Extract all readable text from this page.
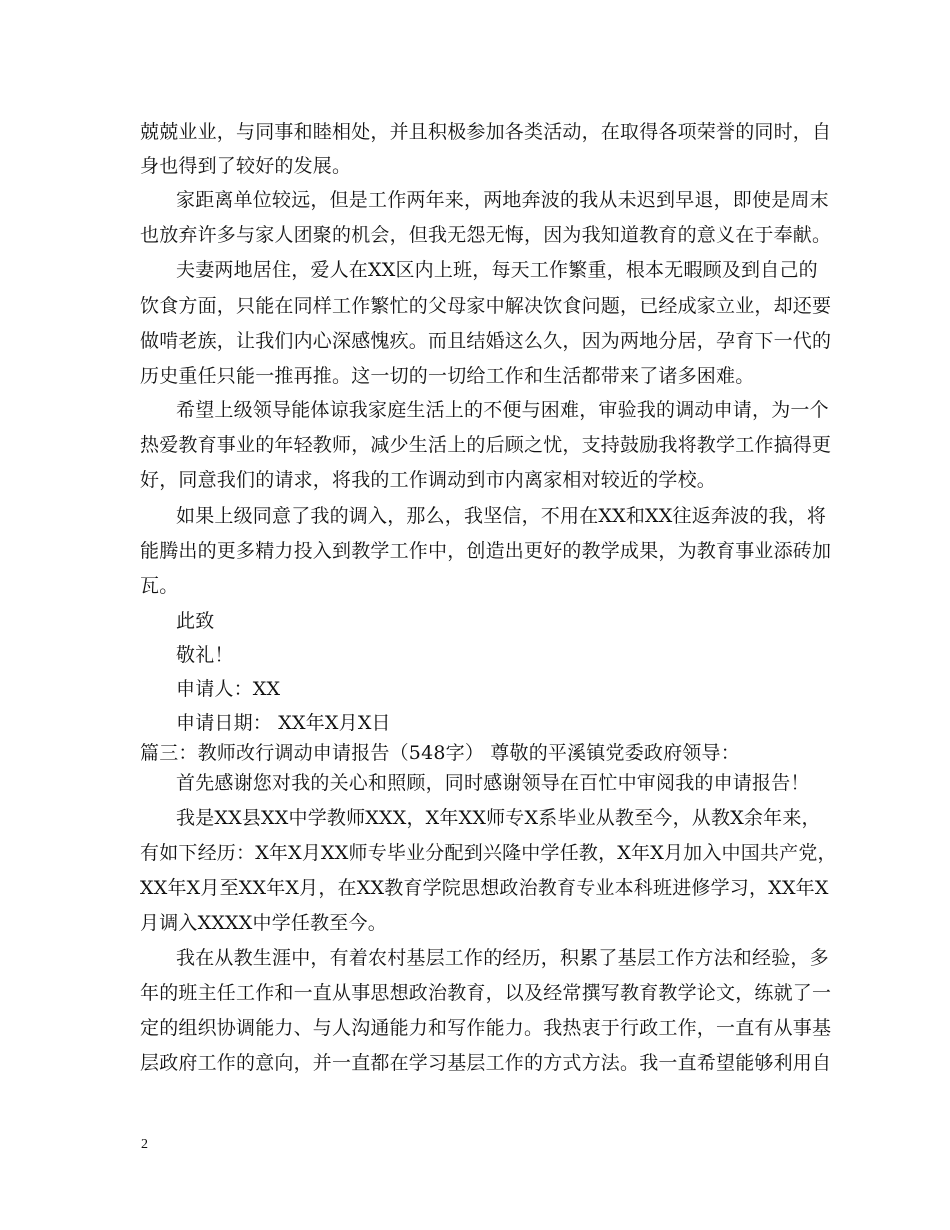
兢兢业业，与同事和睦相处，并且积极参加各类活动，在取得各项荣誉的同时，自
身也得到了较好的发展。
家距离单位较远，但是工作两年来，两地奔波的我从未迟到早退，即使是周末
也放弃许多与家人团聚的机会，但我无怨无悔，因为我知道教育的意义在于奉献。
夫妻两地居住，爱人在XX区内上班，每天工作繁重，根本无暇顾及到自己的
饮食方面，只能在同样工作繁忙的父母家中解决饮食问题，已经成家立业，却还要
做啃老族，让我们内心深感愧疚。而且结婚这么久，因为两地分居，孕育下一代的
历史重任只能一推再推。这一切的一切给工作和生活都带来了诸多困难。
希望上级领导能体谅我家庭生活上的不便与困难，审验我的调动申请，为一个
热爱教育事业的年轻教师，减少生活上的后顾之忧，支持鼓励我将教学工作搞得更
好，同意我们的请求，将我的工作调动到市内离家相对较近的学校。
如果上级同意了我的调入，那么，我坚信，不用在XX和XX往返奔波的我，将
能腾出的更多精力投入到教学工作中，创造出更好的教学成果，为教育事业添砖加
瓦。
此致
敬礼！
申请人：XX
申请日期： XX年X月X日
篇三：教师改行调动申请报告（548字） 尊敬的平溪镇党委政府领导：
首先感谢您对我的关心和照顾，同时感谢领导在百忙中审阅我的申请报告！
我是XX县XX中学教师XXX，X年XX师专X系毕业从教至今，从教X余年来，
有如下经历：X年X月XX师专毕业分配到兴隆中学任教，X年X月加入中国共产党，
XX年X月至XX年X月，在XX教育学院思想政治教育专业本科班进修学习，XX年X
月调入XXXX中学任教至今。
我在从教生涯中，有着农村基层工作的经历，积累了基层工作方法和经验，多
年的班主任工作和一直从事思想政治教育，以及经常撰写教育教学论文，练就了一
定的组织协调能力、与人沟通能力和写作能力。我热衷于行政工作，一直有从事基
层政府工作的意向，并一直都在学习基层工作的方式方法。我一直希望能够利用自
2
